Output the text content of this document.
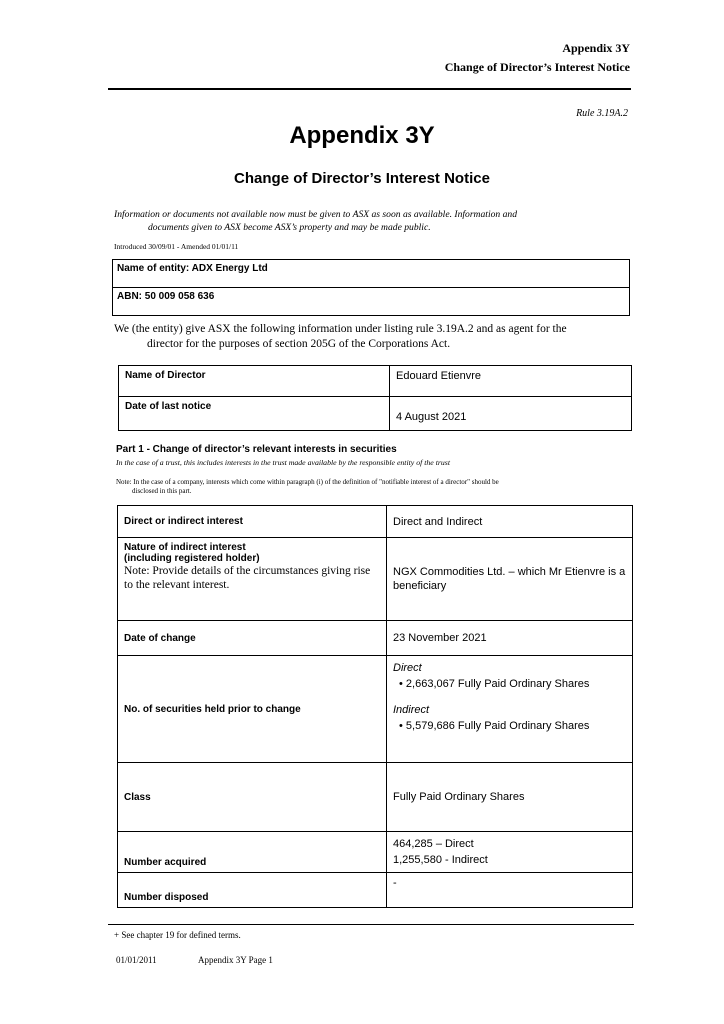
Appendix 3Y
Change of Director’s Interest Notice
Rule 3.19A.2
Appendix 3Y
Change of Director’s Interest Notice
Information or documents not available now must be given to ASX as soon as available. Information and
documents given to ASX become ASX’s property and may be made public.
Introduced 30/09/01 - Amended 01/01/11
Name of entity: ADX Energy Ltd
ABN: 50 009 058 636
We (the entity) give ASX the following information under listing rule 3.19A.2 and as agent for the
director for the purposes of section 205G of the Corporations Act.
Name of Director	Edouard Etienvre
Date of last notice	4 August 2021
Part 1 - Change of director’s relevant interests in securities
In the case of a trust, this includes interests in the trust made available by the responsible entity of the trust
Note: In the case of a company, interests which come within paragraph (i) of the definition of "notifiable interest of a director" should be
disclosed in this part.
Direct or indirect interest	Direct and Indirect

Nature of indirect interest
(including registered holder)
Note: Provide details of the circumstances giving rise to the relevant interest.	NGX Commodities Ltd. – which Mr Etienvre is a beneficiary
Date of change	23 November 2021
No. of securities held prior to change	Direct
• 2,663,067 Fully Paid Ordinary Shares
Indirect
• 5,579,686 Fully Paid Ordinary Shares

Class	Fully Paid Ordinary Shares
Number acquired	464,285 – Direct
1,255,580 - Indirect

Number disposed	-
+ See chapter 19 for defined terms.
01/01/2011	Appendix 3Y Page 1
